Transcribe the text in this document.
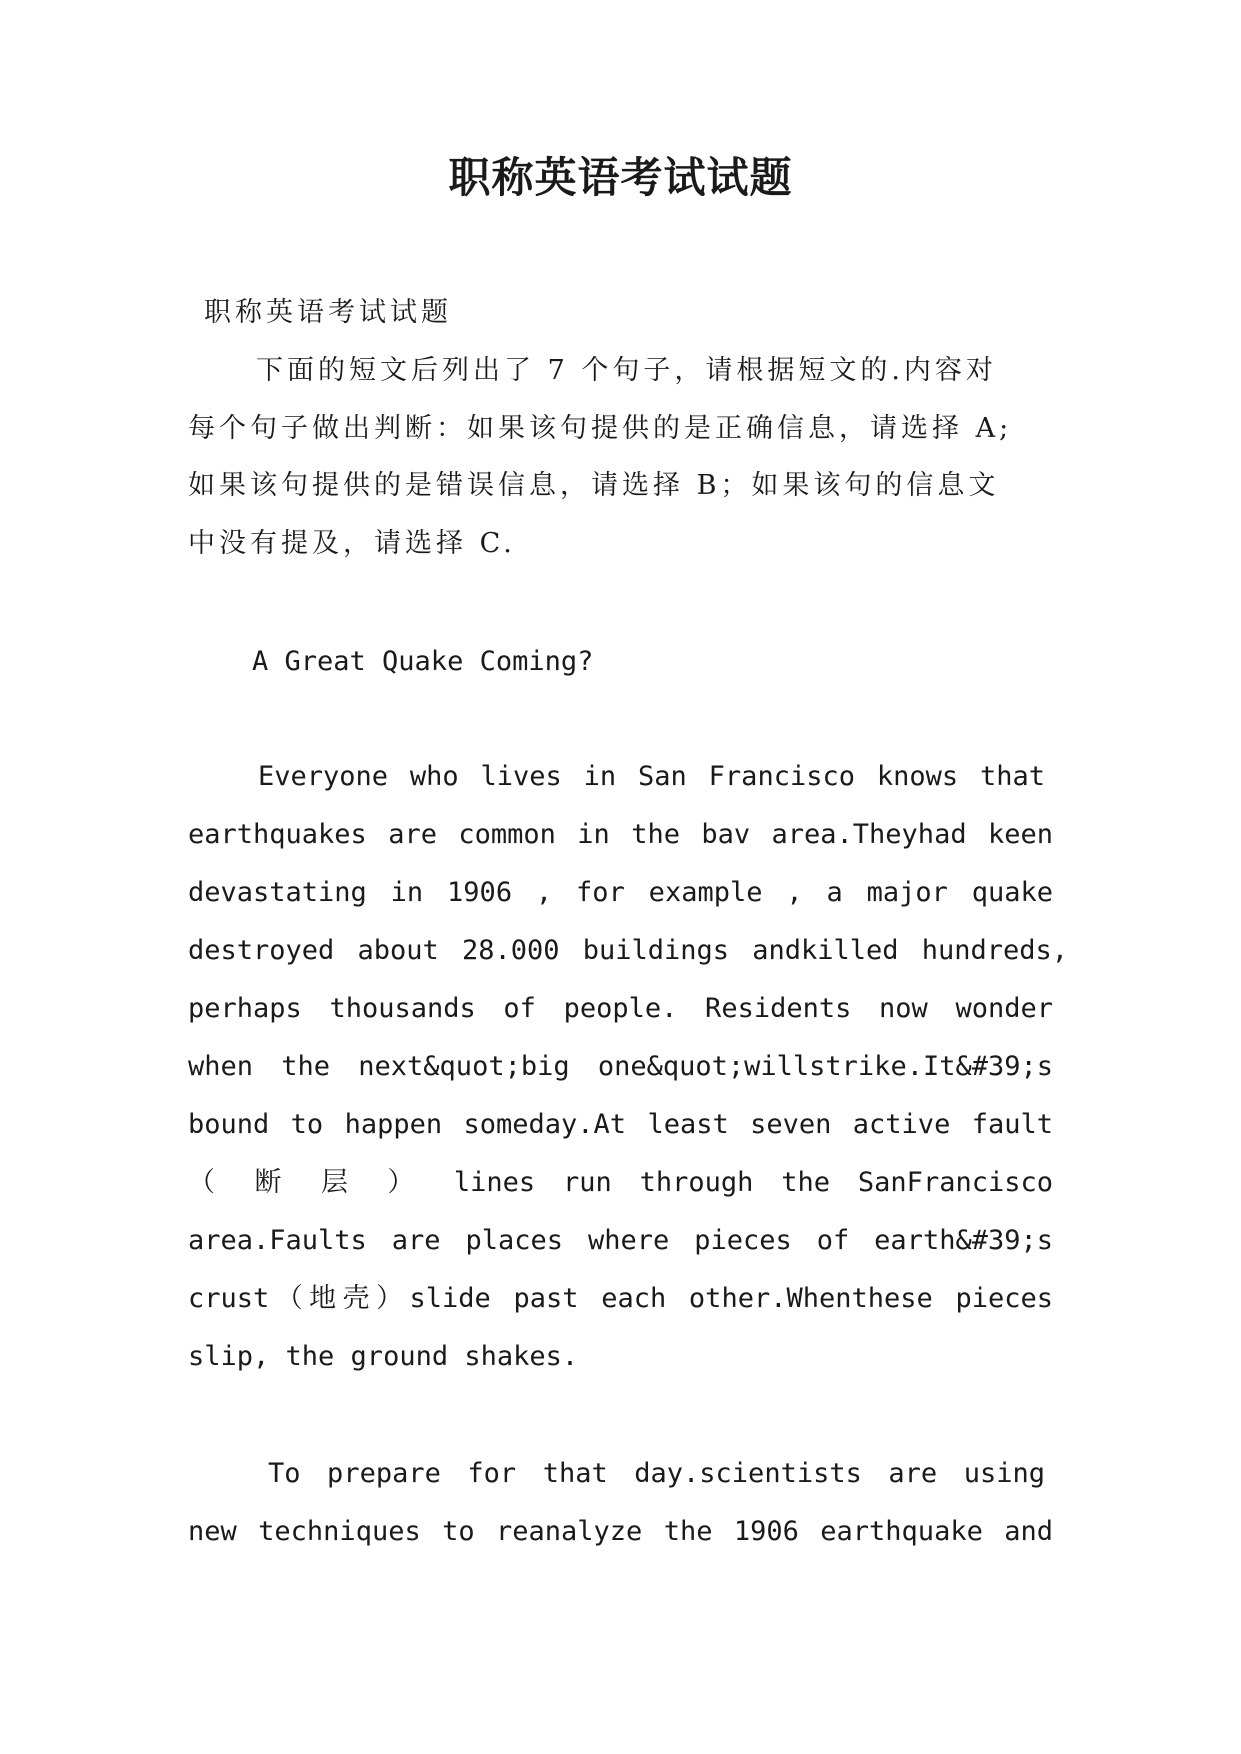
职称英语考试试题
职称英语考试试题
下面的短文后列出了 7 个句子，请根据短文的.内容对
每个句子做出判断：如果该句提供的是正确信息，请选择 A;
如果该句提供的是错误信息，请选择 B；如果该句的信息文
中没有提及，请选择 C.
A Great Quake Coming?
Everyone who lives in San Francisco knows that
earthquakes are common in the bav area.Theyhad keen
devastating in 1906 , for example , a major quake
destroyed about 28.000 buildings andkilled hundreds,
perhaps thousands of people. Residents now wonder
when the next&quot;big one&quot;willstrike.It&#39;s
bound to happen someday.At least seven active fault
（ 断 层 ） lines run through the SanFrancisco
area.Faults are places where pieces of earth&#39;s
crust（地壳）slide past each other.Whenthese pieces
slip, the ground shakes.
To prepare for that day.scientists are using
new techniques to reanalyze the 1906 earthquake and
